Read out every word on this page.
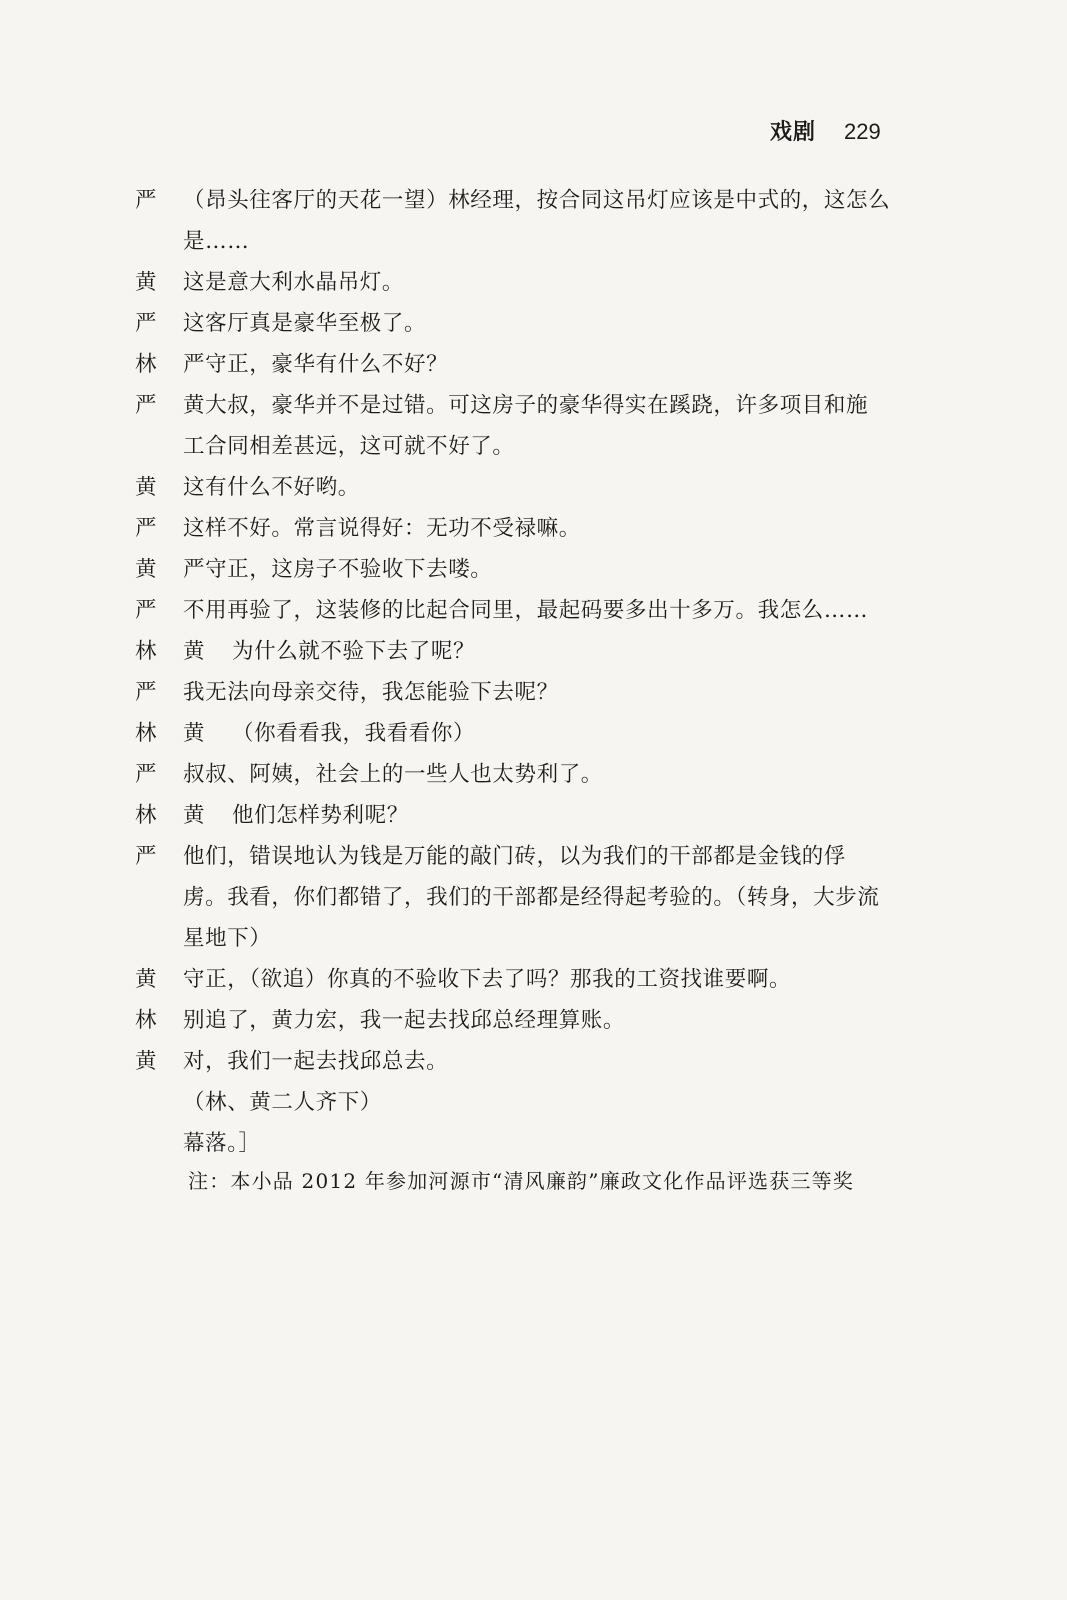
戏剧 229
严 （昂头往客厅的天花一望）林经理，按合同这吊灯应该是中式的，这怎么
是……
黄 这是意大利水晶吊灯。
严 这客厅真是豪华至极了。
林 严守正，豪华有什么不好？
严 黄大叔，豪华并不是过错。可这房子的豪华得实在蹊跷，许多项目和施
工合同相差甚远，这可就不好了。
黄 这有什么不好哟。
严 这样不好。常言说得好：无功不受禄嘛。
黄 严守正，这房子不验收下去喽。
严 不用再验了，这装修的比起合同里，最起码要多出十多万。我怎么……
林 黄 为什么就不验下去了呢？
严 我无法向母亲交待，我怎能验下去呢？
林 黄 （你看看我，我看看你）
严 叔叔、阿姨，社会上的一些人也太势利了。
林 黄 他们怎样势利呢？
严 他们，错误地认为钱是万能的敲门砖，以为我们的干部都是金钱的俘
虏。我看，你们都错了，我们的干部都是经得起考验的。（转身，大步流
星地下）
黄 守正，（欲追）你真的不验收下去了吗？那我的工资找谁要啊。
林 别追了，黄力宏，我一起去找邱总经理算账。
黄 对，我们一起去找邱总去。
（林、黄二人齐下）
幕落。］
注：本小品 2012 年参加河源市“清风廉韵”廉政文化作品评选获三等奖
